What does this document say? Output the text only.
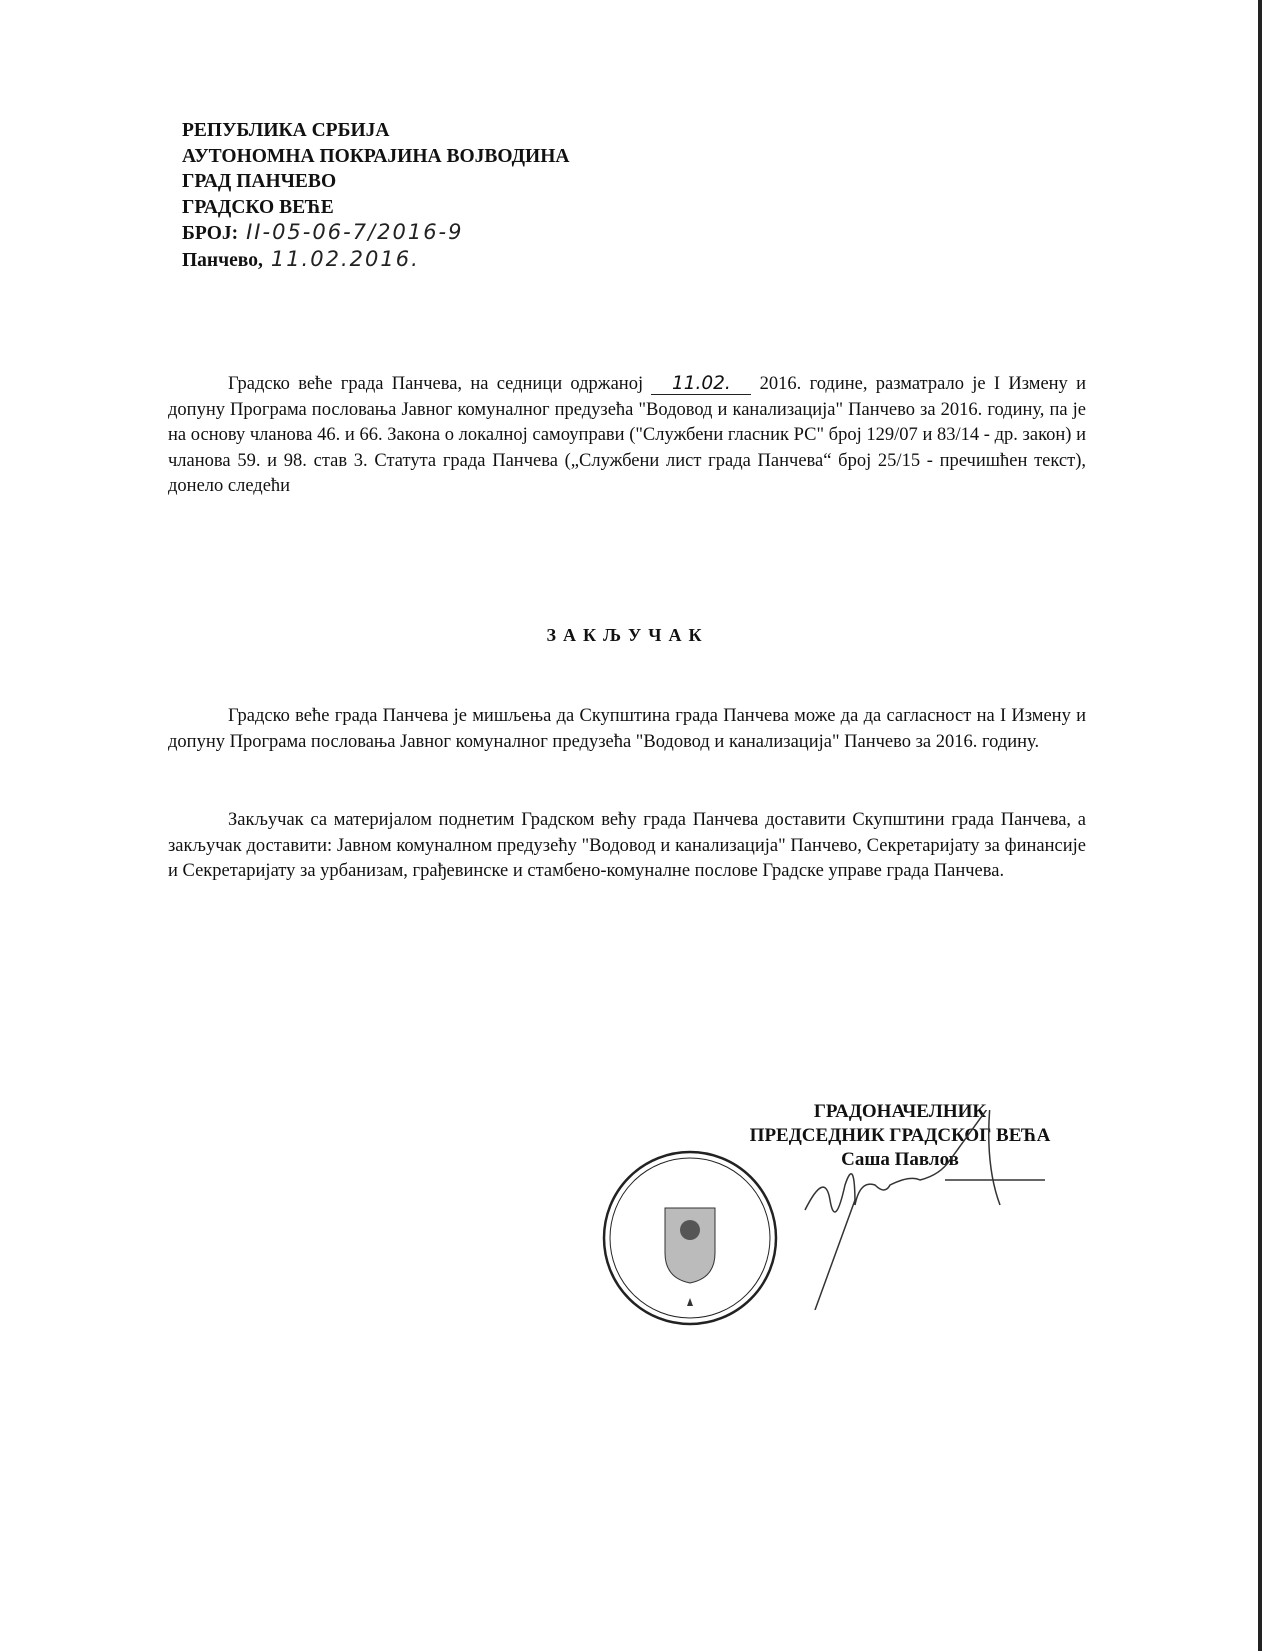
РЕПУБЛИКА СРБИЈА
АУТОНОМНА ПОКРАЈИНА ВОЈВОДИНА
ГРАД ПАНЧЕВО
ГРАДСКО ВЕЋЕ
БРОЈ: II-05-06-7/2016-9
Панчево, 11.02.2016.
Градско веће града Панчева, на седници одржаној 11.02. 2016. године, разматрало је I Измену и допуну Програма пословања Јавног комуналног предузећа "Водовод и канализација" Панчево за 2016. годину, па је на основу чланова 46. и 66. Закона о локалној самоуправи ("Службени гласник РС" број 129/07 и 83/14 - др. закон) и чланова 59. и 98. став 3. Статута града Панчева („Службени лист града Панчева“ број 25/15 - пречишћен текст), донело следећи
ЗАКЉУЧАК
Градско веће града Панчева је мишљења да Скупштина града Панчева може да да сагласност на I Измену и допуну Програма пословања Јавног комуналног предузећа "Водовод и канализација" Панчево за 2016. годину.
Закључак са материјалом поднетим Градском већу града Панчева доставити Скупштини града Панчева, а закључак доставити: Јавном комуналном предузећу "Водовод и канализација" Панчево, Секретаријату за финансије и Секретаријату за урбанизам, грађевинске и стамбено-комуналне послове Градске управе града Панчева.
ГРАДОНАЧЕЛНИК
ПРЕДСЕДНИК ГРАДСКОГ ВЕЋА
Саша Павлов
